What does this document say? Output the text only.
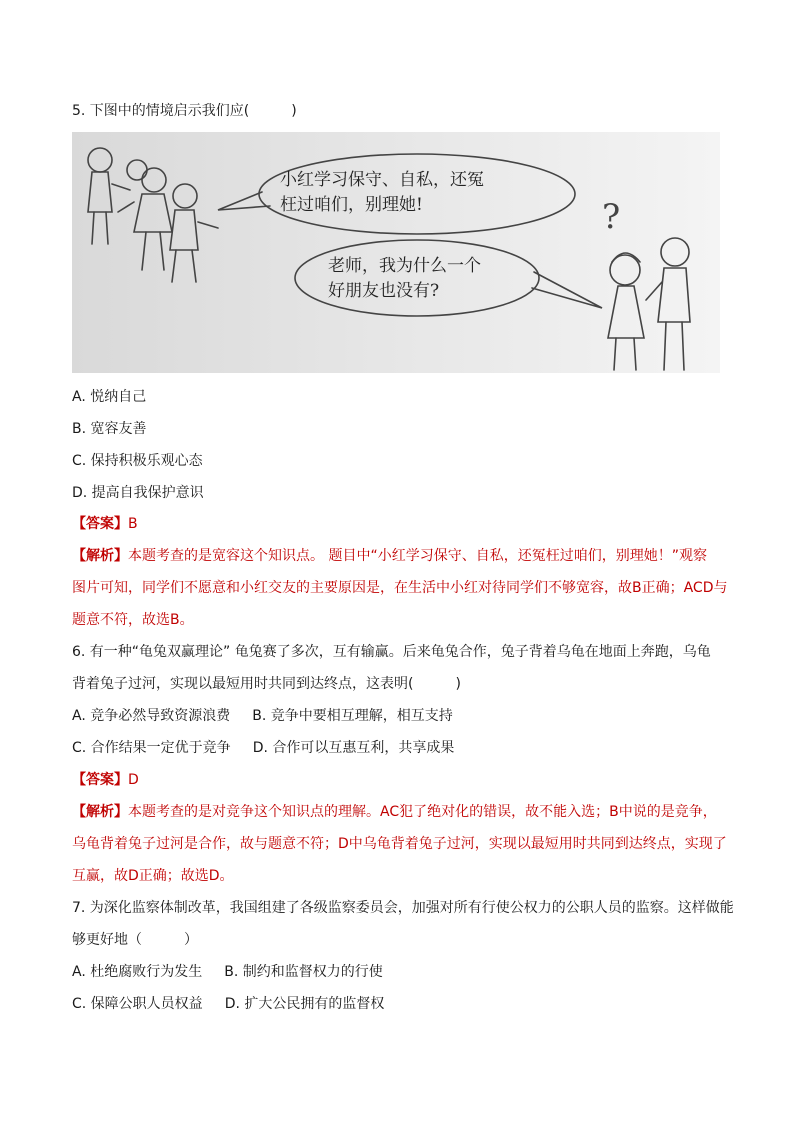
5. 下图中的情境启示我们应(　　　)
?
小红学习保守、自私，还冤
枉过咱们，别理她!
老师，我为什么一个
好朋友也没有?
A. 悦纳自己
B. 宽容友善
C. 保持积极乐观心态
D. 提高自我保护意识
【答案】B
【解析】本题考查的是宽容这个知识点。 题目中“小红学习保守、自私，还冤枉过咱们，别理她！”观察
图片可知，同学们不愿意和小红交友的主要原因是，在生活中小红对待同学们不够宽容，故B正确；ACD与
题意不符，故选B。
6. 有一种“龟兔双赢理论” 龟兔赛了多次，互有输赢。后来龟兔合作，兔子背着乌龟在地面上奔跑，乌龟
背着兔子过河，实现以最短用时共同到达终点，这表明(　　　)
A. 竞争必然导致资源浪费 B. 竞争中要相互理解，相互支持
C. 合作结果一定优于竞争 D. 合作可以互惠互利，共享成果
【答案】D
【解析】本题考查的是对竞争这个知识点的理解。AC犯了绝对化的错误，故不能入选；B中说的是竞争，
乌龟背着兔子过河是合作，故与题意不符；D中乌龟背着兔子过河，实现以最短用时共同到达终点，实现了
互赢，故D正确；故选D。
7. 为深化监察体制改革，我国组建了各级监察委员会，加强对所有行使公权力的公职人员的监察。这样做能
够更好地（　　　）
A. 杜绝腐败行为发生 B. 制约和监督权力的行使
C. 保障公职人员权益 D. 扩大公民拥有的监督权
